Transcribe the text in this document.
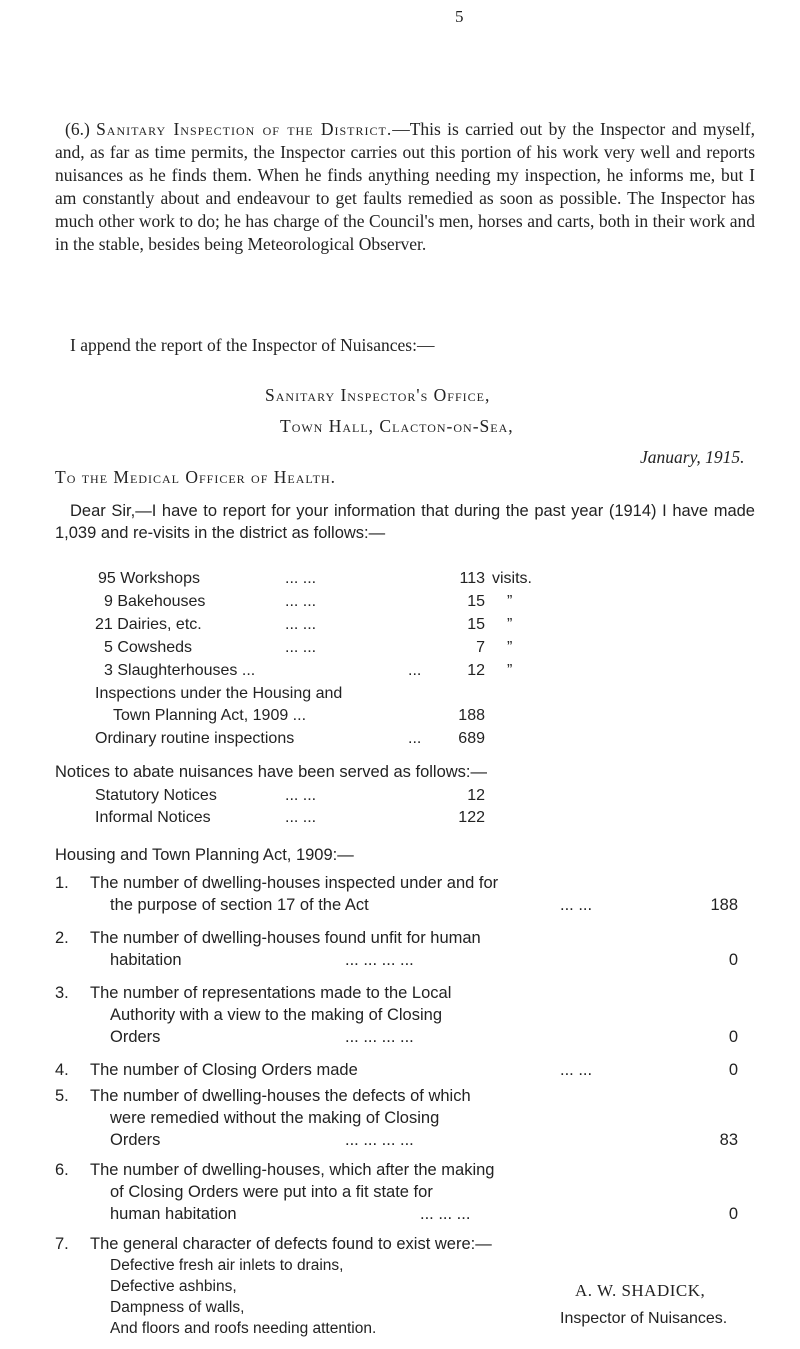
5
(6.) Sanitary Inspection of the District.—This is carried out by the Inspector and myself, and, as far as time permits, the Inspector carries out this portion of his work very well and reports nuisances as he finds them. When he finds anything needing my inspection, he informs me, but I am constantly about and endeavour to get faults remedied as soon as possible. The Inspector has much other work to do; he has charge of the Council's men, horses and carts, both in their work and in the stable, besides being Meteorological Observer.
I append the report of the Inspector of Nuisances:—
Sanitary Inspector's Office,
Town Hall, Clacton-on-Sea,
January, 1915.
To the Medical Officer of Health.
Dear Sir,—I have to report for your information that during the past year (1914) I have made 1,039 and re-visits in the district as follows:—
95 Workshops	... ...	113 visits.
9 Bakehouses	... ...	15 ”
21 Dairies, etc.	... ...	15 ”
5 Cowsheds	... ...	7 ”
3 Slaughterhouses ...	...	12 ”
Inspections under the Housing and
Town Planning Act, 1909 ...	188
Ordinary routine inspections	...	689
Notices to abate nuisances have been served as follows:—
Statutory Notices	... ...	12
Informal Notices	... ...	122
Housing and Town Planning Act, 1909:—
1. The number of dwelling-houses inspected under and for
the purpose of section 17 of the Act	... ...	188
2. The number of dwelling-houses found unfit for human
habitation	... ... ... ...	0
3. The number of representations made to the Local
Authority with a view to the making of Closing
Orders	... ... ... ...	0
4. The number of Closing Orders made	... ...	0
5. The number of dwelling-houses the defects of which
were remedied without the making of Closing
Orders	... ... ... ...	83
6. The number of dwelling-houses, which after the making
of Closing Orders were put into a fit state for
human habitation	... ... ...	0
7. The general character of defects found to exist were:—
Defective fresh air inlets to drains,
Defective ashbins,
Dampness of walls,
And floors and roofs needing attention.
A. W. SHADICK,
Inspector of Nuisances.
